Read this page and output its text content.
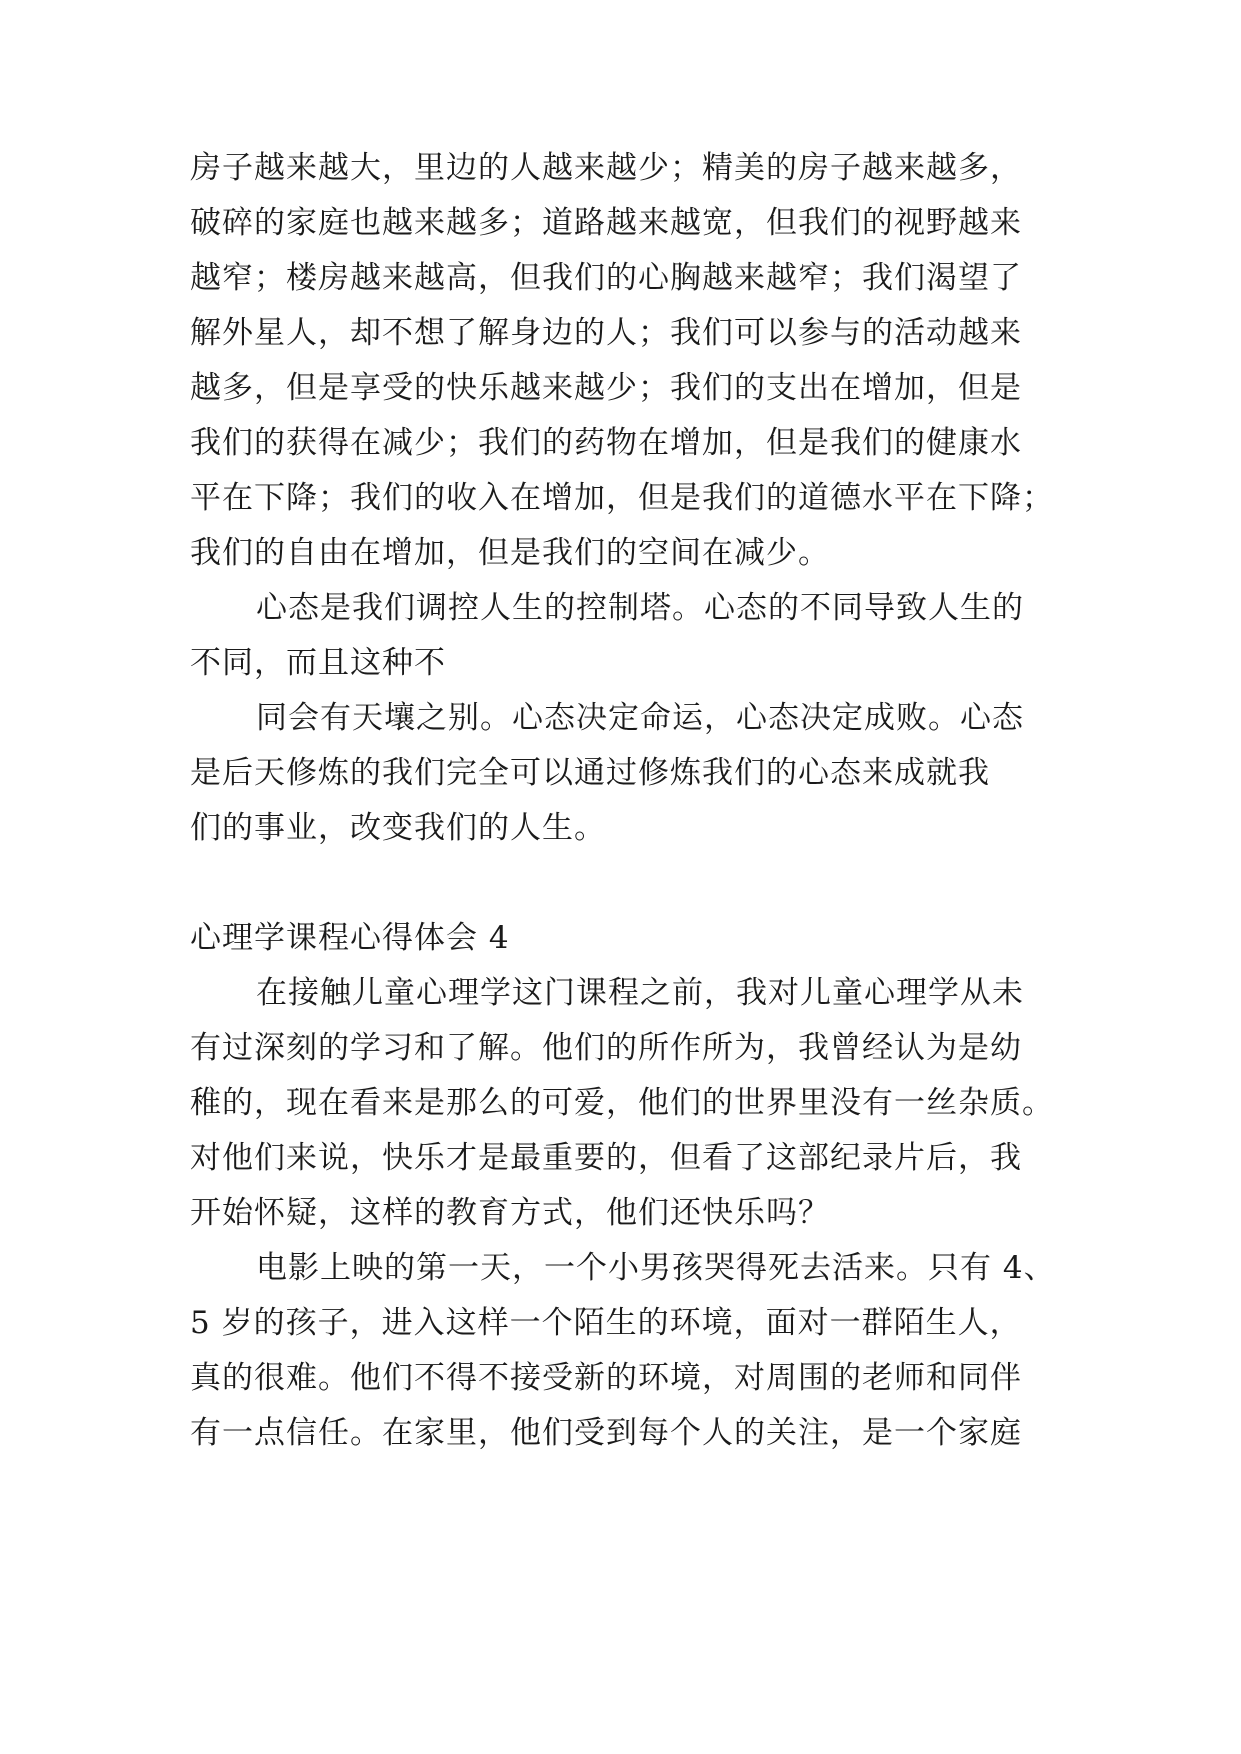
房子越来越大，里边的人越来越少；精美的房子越来越多，
破碎的家庭也越来越多；道路越来越宽，但我们的视野越来
越窄；楼房越来越高，但我们的心胸越来越窄；我们渴望了
解外星人，却不想了解身边的人；我们可以参与的活动越来
越多，但是享受的快乐越来越少；我们的支出在增加，但是
我们的获得在减少；我们的药物在增加，但是我们的健康水
平在下降；我们的收入在增加，但是我们的道德水平在下降；
我们的自由在增加，但是我们的空间在减少。
心态是我们调控人生的控制塔。心态的不同导致人生的
不同，而且这种不
同会有天壤之别。心态决定命运，心态决定成败。心态
是后天修炼的我们完全可以通过修炼我们的心态来成就我
们的事业，改变我们的人生。
心理学课程心得体会 4
在接触儿童心理学这门课程之前，我对儿童心理学从未
有过深刻的学习和了解。他们的所作所为，我曾经认为是幼
稚的，现在看来是那么的可爱，他们的世界里没有一丝杂质。
对他们来说，快乐才是最重要的，但看了这部纪录片后，我
开始怀疑，这样的教育方式，他们还快乐吗？
电影上映的第一天，一个小男孩哭得死去活来。只有 4、
5 岁的孩子，进入这样一个陌生的环境，面对一群陌生人，
真的很难。他们不得不接受新的环境，对周围的老师和同伴
有一点信任。在家里，他们受到每个人的关注，是一个家庭
